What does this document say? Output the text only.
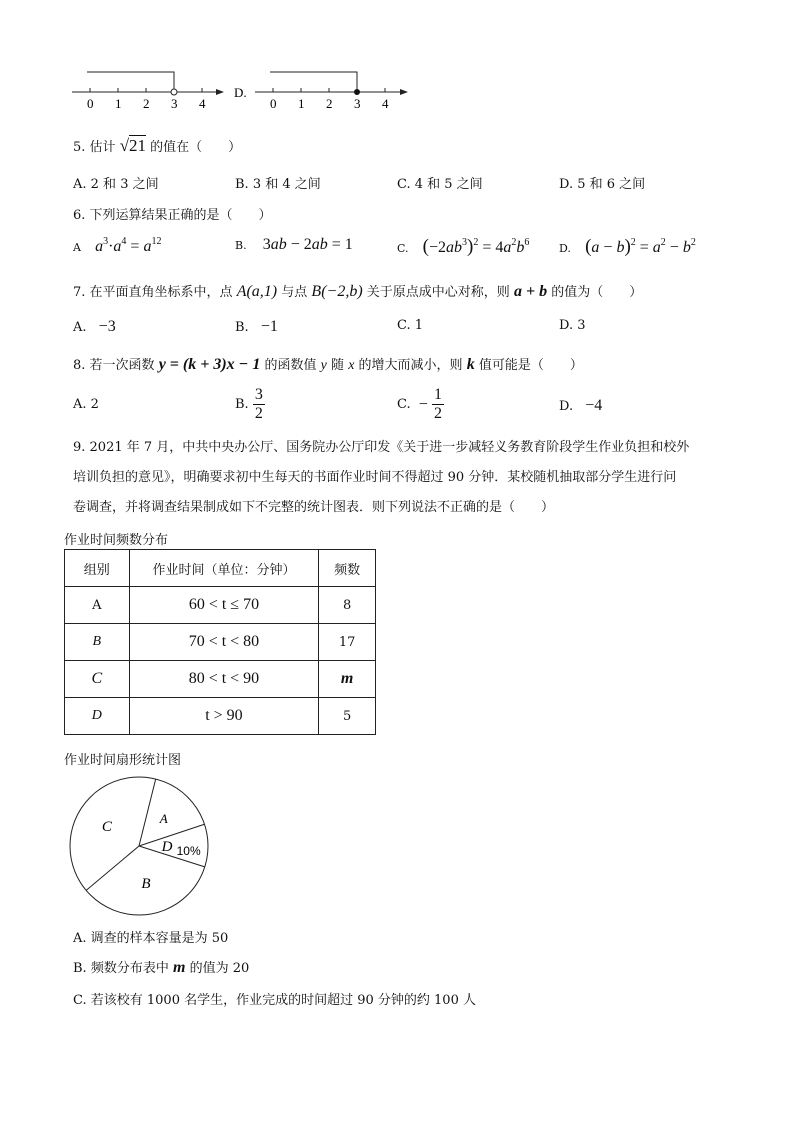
0 1 2 3 4
D.
0 1 2 3 4
5. 估计 √21 的值在（　　）
A. 2 和 3 之间	B. 3 和 4 之间	C. 4 和 5 之间	D. 5 和 6 之间
6. 下列运算结果正确的是（　　）
A $a^3\cdot a^4 = a^{12}$	B. 3ab − 2ab = 1	C. $(-2ab^3)^2 = 4a^2b^6$	D. $(a - b)^2 = a^2 - b^2$
7. 在平面直角坐标系中，点 A(a,1) 与点 B(−2,b) 关于原点成中心对称，则 a + b 的值为（　　）
A. −3	B. −1	C. 1	D. 3
8. 若一次函数 y = (k + 3)x − 1 的函数值 y 随 x 的增大而减小，则 k 值可能是（　　）
A. 2	B. $\frac{3}{2}$	C. − $\frac{1}{2}$	D. −4
9. 2021 年 7 月，中共中央办公厅、国务院办公厅印发《关于进一步减轻义务教育阶段学生作业负担和校外
培训负担的意见》，明确要求初中生每天的书面作业时间不得超过 90 分钟．某校随机抽取部分学生进行问
卷调查，并将调查结果制成如下不完整的统计图表．则下列说法不正确的是（　　）
作业时间频数分布
组别	作业时间（单位：分钟）	频数
A	60 < t ≤ 70	8
B	70 < t < 80	17
C	80 < t < 90	m
D	t > 90	5
作业时间扇形统计图
A
D 10%
B
C
A. 调查的样本容量是为 50
B. 频数分布表中 m 的值为 20
C. 若该校有 1000 名学生，作业完成的时间超过 90 分钟的约 100 人
